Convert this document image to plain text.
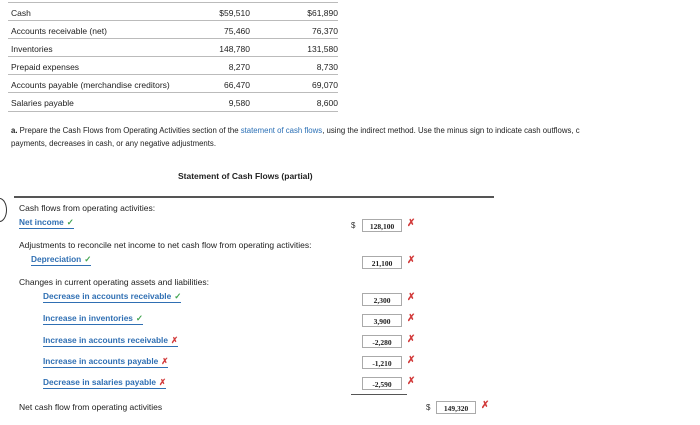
Cash	$59,510	$61,890
Accounts receivable (net)	75,460	76,370
Inventories	148,780	131,580
Prepaid expenses	8,270	8,730
Accounts payable (merchandise creditors)	66,470	69,070
Salaries payable	9,580	8,600
a. Prepare the Cash Flows from Operating Activities section of the statement of cash flows, using the indirect method. Use the minus sign to indicate cash outflows, c
payments, decreases in cash, or any negative adjustments.
Statement of Cash Flows (partial)
Cash flows from operating activities:
Net income ✓	$	128,100	✗
Adjustments to reconcile net income to net cash flow from operating activities:
Depreciation ✓	21,100	✗
Changes in current operating assets and liabilities:
Decrease in accounts receivable ✓	2,300	✗
Increase in inventories ✓	3,900	✗
Increase in accounts receivable ✗	-2,280	✗
Increase in accounts payable ✗	-1,210	✗
Decrease in salaries payable ✗	-2,590	✗
Net cash flow from operating activities	$	149,320	✗
